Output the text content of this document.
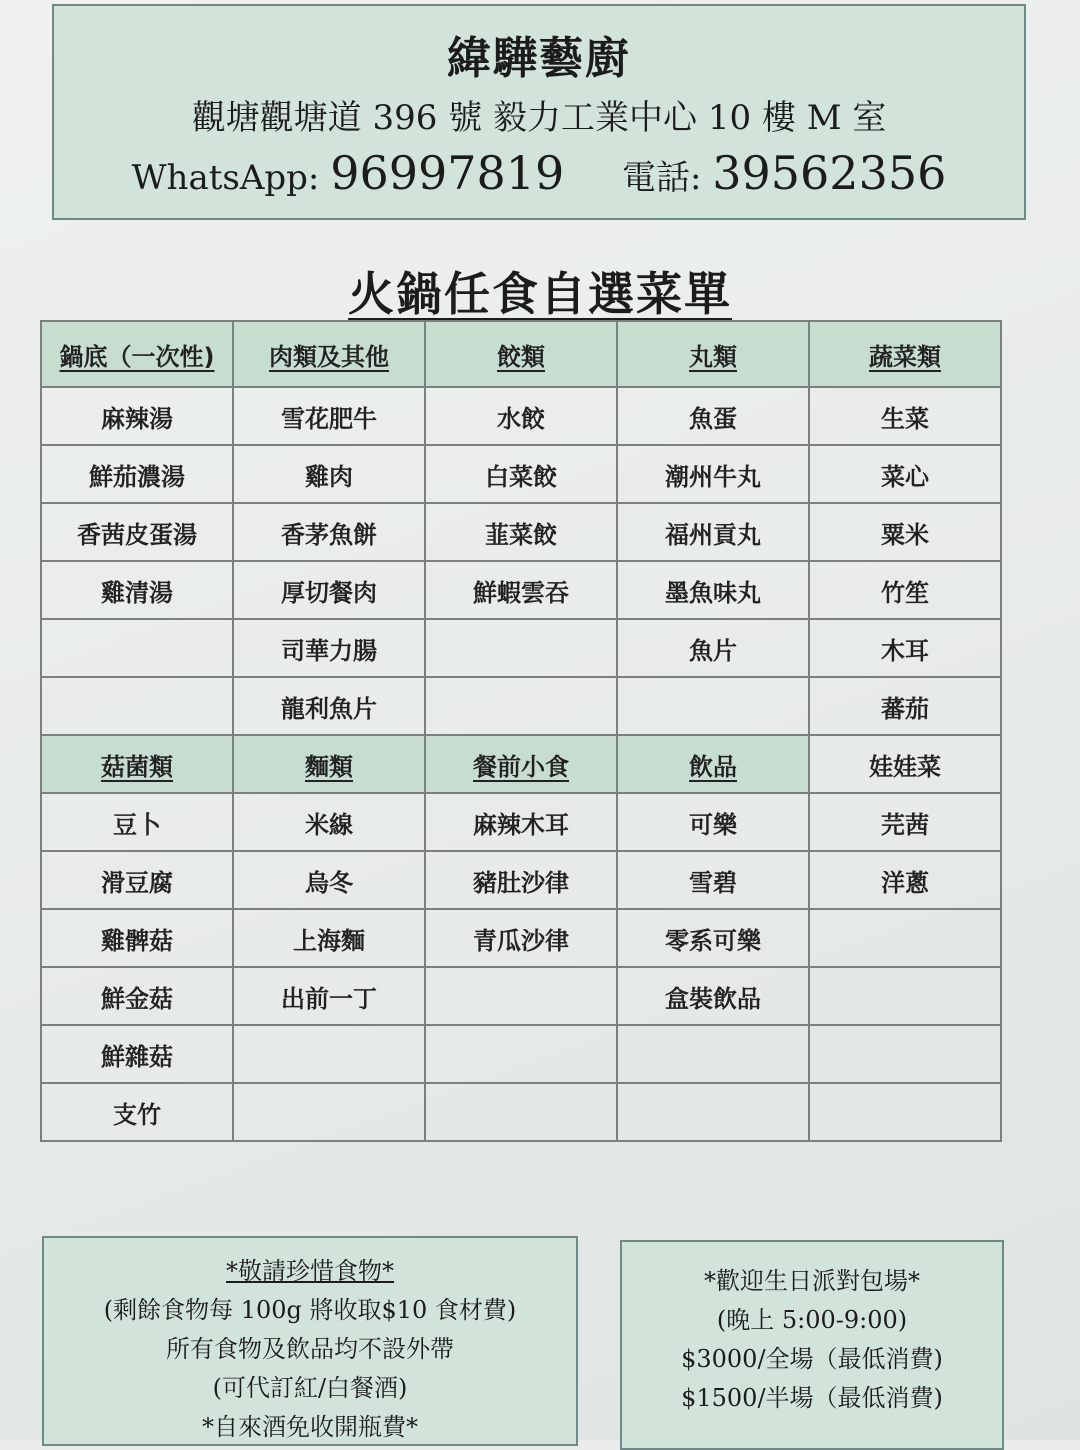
緯驊藝廚
觀塘觀塘道 396 號 毅力工業中心 10 樓 M 室
WhatsApp: 96997819 電話: 39562356
火鍋任食自選菜單
鍋底（一次性)	肉類及其他	餃類	丸類	蔬菜類
麻辣湯	雪花肥牛	水餃	魚蛋	生菜
鮮茄濃湯	雞肉	白菜餃	潮州牛丸	菜心
香茜皮蛋湯	香茅魚餅	韮菜餃	福州貢丸	粟米
雞清湯	厚切餐肉	鮮蝦雲吞	墨魚味丸	竹笙
	司華力腸		魚片	木耳
	龍利魚片			蕃茄
菇菌類	麵類	餐前小食	飲品	娃娃菜
豆卜	米線	麻辣木耳	可樂	芫茜
滑豆腐	烏冬	豬肚沙律	雪碧	洋蔥
雞髀菇	上海麵	青瓜沙律	零系可樂	
鮮金菇	出前一丁		盒裝飲品	
鮮雜菇				
支竹				
*敬請珍惜食物*
(剩餘食物每 100g 將收取$10 食材費)
所有食物及飲品均不設外帶
(可代訂紅/白餐酒)
*自來酒免收開瓶費*
*歡迎生日派對包場*
(晚上 5:00-9:00)
$3000/全場（最低消費)
$1500/半場（最低消費)
